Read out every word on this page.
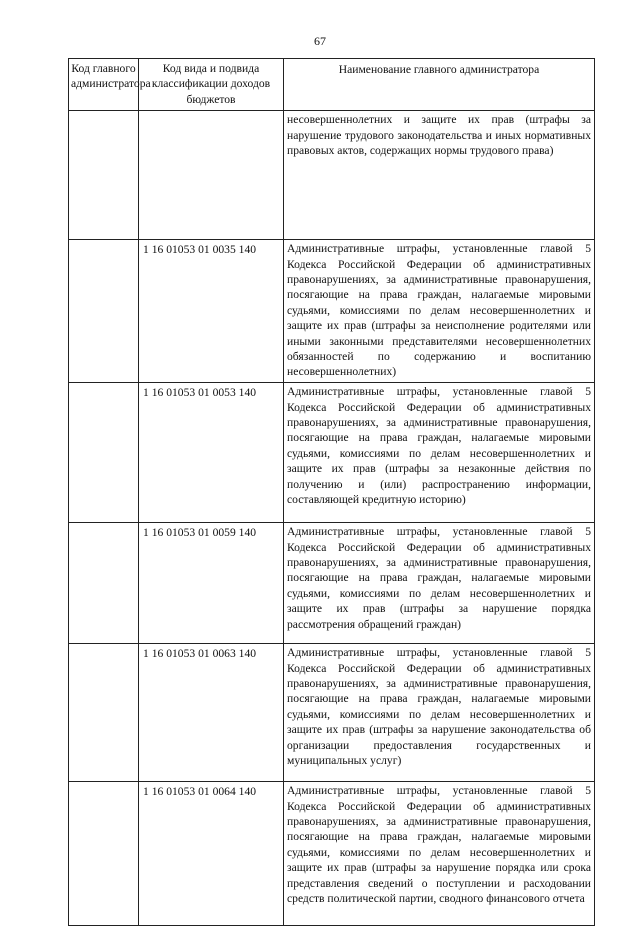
67
Код главного администратора	Код вида и подвида классификации доходов бюджетов	Наименование главного администратора
		несовершеннолетних и защите их прав (штрафы за нарушение трудового законодательства и иных нормативных правовых актов, содержащих нормы трудового права)
	1 16 01053 01 0035 140	Административные штрафы, установленные главой 5 Кодекса Российской Федерации об административных правонарушениях, за административные правонарушения, посягающие на права граждан, налагаемые мировыми судьями, комиссиями по делам несовершеннолетних и защите их прав (штрафы за неисполнение родителями или иными законными представителями несовершеннолетних обязанностей по содержанию и воспитанию несовершеннолетних)
	1 16 01053 01 0053 140	Административные штрафы, установленные главой 5 Кодекса Российской Федерации об административных правонарушениях, за административные правонарушения, посягающие на права граждан, налагаемые мировыми судьями, комиссиями по делам несовершеннолетних и защите их прав (штрафы за незаконные действия по получению и (или) распространению информации, составляющей кредитную историю)
	1 16 01053 01 0059 140	Административные штрафы, установленные главой 5 Кодекса Российской Федерации об административных правонарушениях, за административные правонарушения, посягающие на права граждан, налагаемые мировыми судьями, комиссиями по делам несовершеннолетних и защите их прав (штрафы за нарушение порядка рассмотрения обращений граждан)
	1 16 01053 01 0063 140	Административные штрафы, установленные главой 5 Кодекса Российской Федерации об административных правонарушениях, за административные правонарушения, посягающие на права граждан, налагаемые мировыми судьями, комиссиями по делам несовершеннолетних и защите их прав (штрафы за нарушение законодательства об организации предоставления государственных и муниципальных услуг)
	1 16 01053 01 0064 140	Административные штрафы, установленные главой 5 Кодекса Российской Федерации об административных правонарушениях, за административные правонарушения, посягающие на права граждан, налагаемые мировыми судьями, комиссиями по делам несовершеннолетних и защите их прав (штрафы за нарушение порядка или срока представления сведений о поступлении и расходовании средств политической партии, сводного финансового отчета
